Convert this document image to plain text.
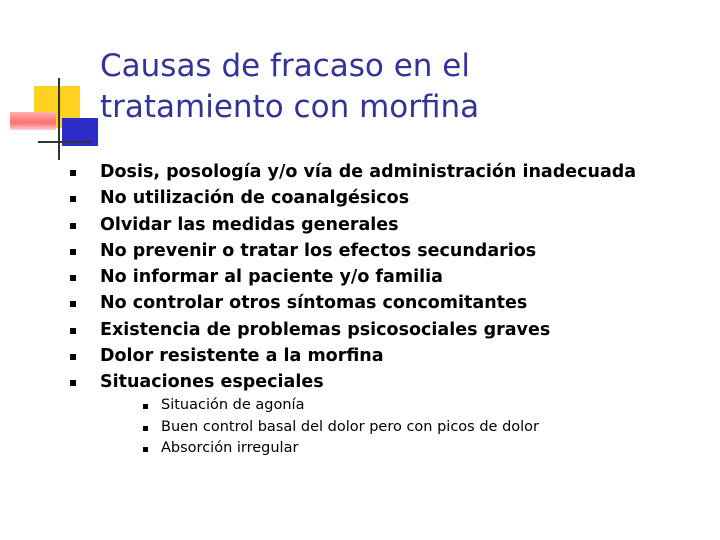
Causas de fracaso en el
tratamiento con morfina
Dosis, posología y/o vía de administración inadecuada
No utilización de coanalgésicos
Olvidar las medidas generales
No prevenir o tratar los efectos secundarios
No informar al paciente y/o familia
No controlar otros síntomas concomitantes
Existencia de problemas psicosociales graves
Dolor resistente a la morfina
Situaciones especiales
Situación de agonía
Buen control basal del dolor pero con picos de dolor
Absorción irregular
